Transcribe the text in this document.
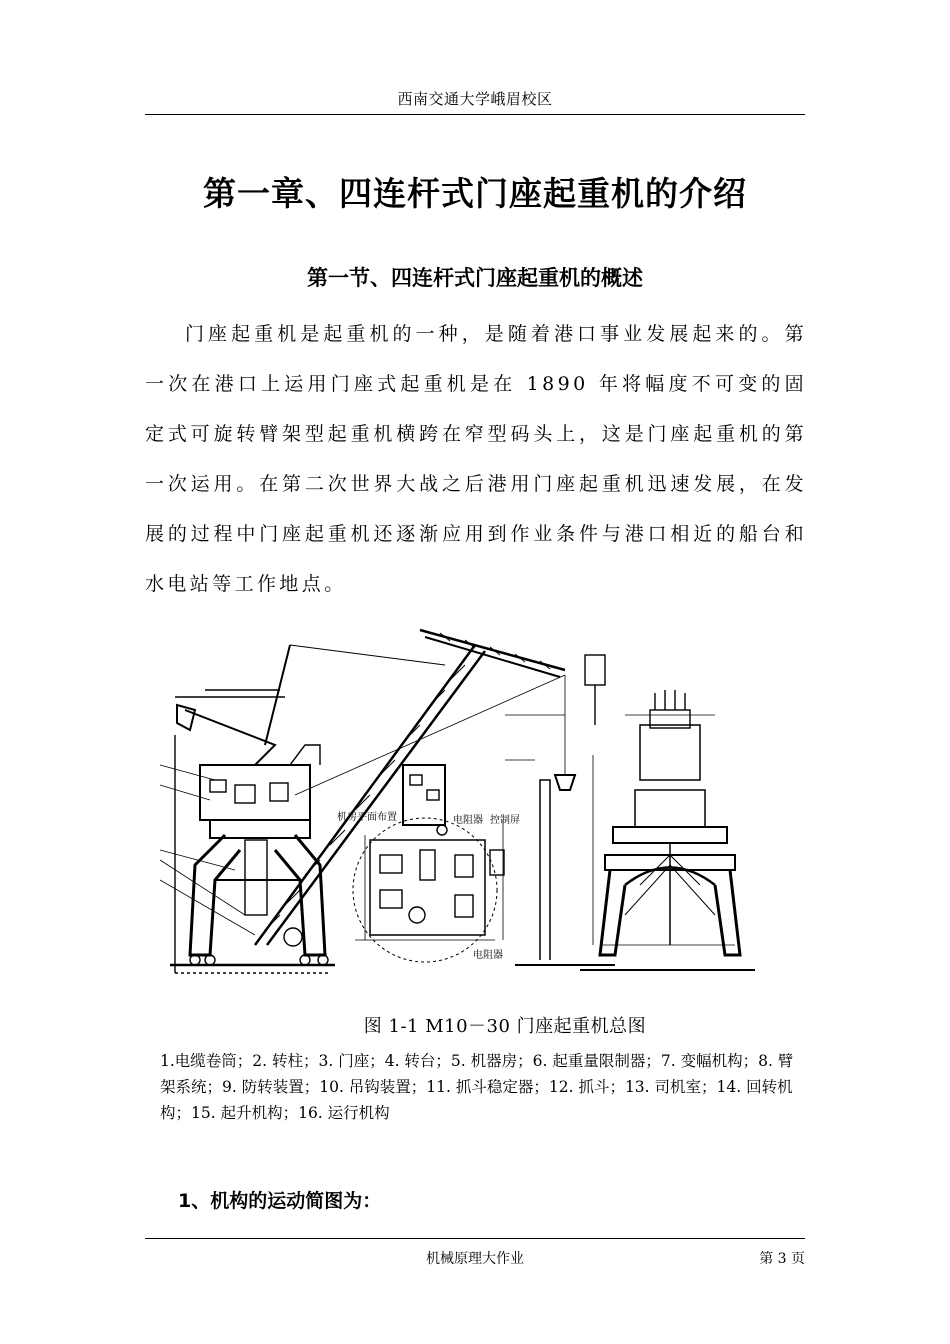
西南交通大学峨眉校区
第一章、四连杆式门座起重机的介绍
第一节、四连杆式门座起重机的概述

门座起重机是起重机的一种，是随着港口事业发展起来的。第一次在港口上运用门座式起重机是在 1890 年将幅度不可变的固定式可旋转臂架型起重机横跨在窄型码头上，这是门座起重机的第一次运用。在第二次世界大战之后港用门座起重机迅速发展，在发展的过程中门座起重机还逐渐应用到作业条件与港口相近的船台和水电站等工作地点。

机房平面布置	电阻器 控制屏
电阻器
图 1-1 M10－30 门座起重机总图

1.电缆卷筒；2. 转柱；3. 门座；4. 转台；5. 机器房；6. 起重量限制器；7. 变幅机构；8. 臂架系统；9. 防转装置；10. 吊钩装置；11. 抓斗稳定器；12. 抓斗；13. 司机室；14. 回转机构；15. 起升机构；16. 运行机构

1、机构的运动简图为：
机械原理大作业	第 3 页
